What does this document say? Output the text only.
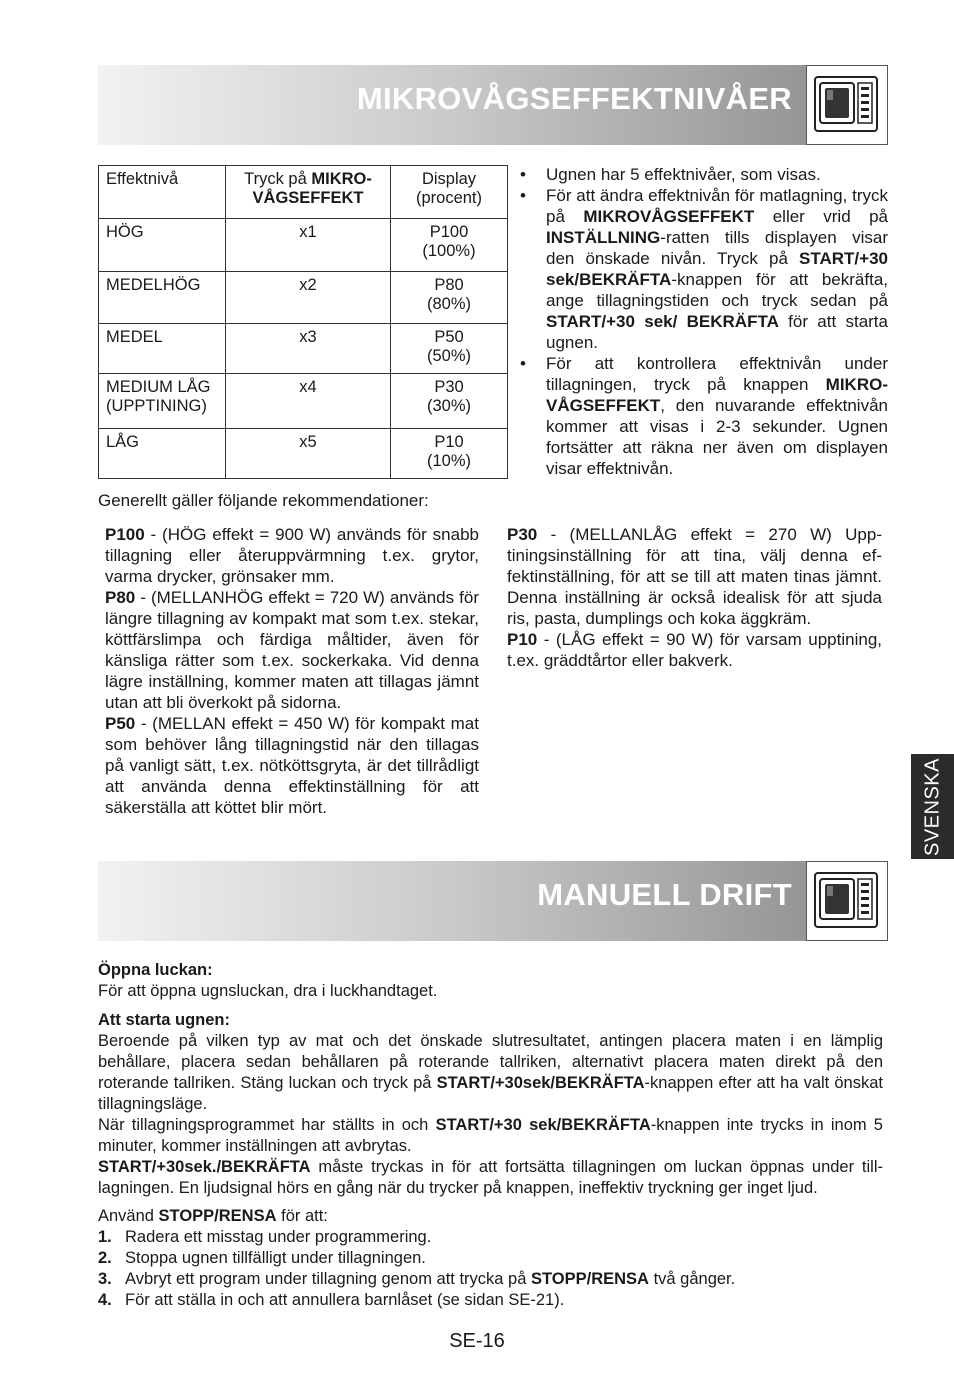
MIKROVÅGSEFFEKTNIVÅER
Effektnivå	Tryck på MIKRO-VÅGSEFFEKT	Display
(procent)
HÖG	x1	P100
(100%)
MEDELHÖG	x2	P80
(80%)
MEDEL	x3	P50
(50%)
MEDIUM LÅG
(UPPTINING)	x4	P30
(30%)
LÅG	x5	P10
(10%)
• Ugnen har 5 effektnivåer, som visas.
• För att ändra effektnivån för matlagning, tryck på MIKROVÅGSEFFEKT eller vrid på INSTÄLLNING-ratten tills displayen visar den önskade nivån. Tryck på START/+30 sek/BEKRÄFTA-knappen för att bekräfta, ange tillagningstiden och tryck sedan på START/+30 sek/ BEKRÄFTA för att starta ugnen.
• För att kontrollera effektnivån under tillagningen, tryck på knappen MIKROVÅGSEFFEKT, den nuvarande effektnivån kommer att visas i 2-3 sekunder. Ugnen fortsätter att räkna ner även om displayen visar effektnivån.
Generellt gäller följande rekommendationer:
P100 - (HÖG effekt = 900 W) används för snabb tillagning eller återuppvärmning t.ex. grytor, varma drycker, grönsaker mm.
P80 - (MELLANHÖG effekt = 720 W) används för längre tillagning av kompakt mat som t.ex. stekar, köttfärslimpa och färdiga måltider, även för känsliga rätter som t.ex. sockerkaka. Vid denna lägre inställning, kommer maten att tillagas jämnt utan att bli överkokt på sidorna.
P50 - (MELLAN effekt = 450 W) för kompakt mat som behöver lång tillagningstid när den tillagas på vanligt sätt, t.ex. nötköttsgryta, är det tillrådligt att använda denna effektinställning för att säkerställa att köttet blir mört.
P30 - (MELLANLÅG effekt = 270 W) Upptiningsinställning för att tina, välj denna effektinställning, för att se till att maten tinas jämnt. Denna inställning är också idealisk för att sjuda ris, pasta, dumplings och koka äggkräm.
P10 - (LÅG effekt = 90 W) för varsam upptining, t.ex. gräddtårtor eller bakverk.
SVENSKA
MANUELL DRIFT
Öppna luckan:
För att öppna ugnsluckan, dra i luckhandtaget.
Att starta ugnen:
Beroende på vilken typ av mat och det önskade slutresultatet, antingen placera maten i en lämplig behållare, placera sedan behållaren på roterande tallriken, alternativt placera maten direkt på den roterande tallriken. Stäng luckan och tryck på START/+30sek/BEKRÄFTA-knappen efter att ha valt önskat tillagningsläge.
När tillagningsprogrammet har ställts in och START/+30 sek/BEKRÄFTA-knappen inte trycks in inom 5 minuter, kommer inställningen att avbrytas.
START/+30sek./BEKRÄFTA måste tryckas in för att fortsätta tillagningen om luckan öppnas under tilllagningen. En ljudsignal hörs en gång när du trycker på knappen, ineffektiv tryckning ger inget ljud.
Använd STOPP/RENSA för att:
1. Radera ett misstag under programmering.
2. Stoppa ugnen tillfälligt under tillagningen.
3. Avbryt ett program under tillagning genom att trycka på STOPP/RENSA två gånger.
4. För att ställa in och att annullera barnlåset (se sidan SE-21).
SE-16
